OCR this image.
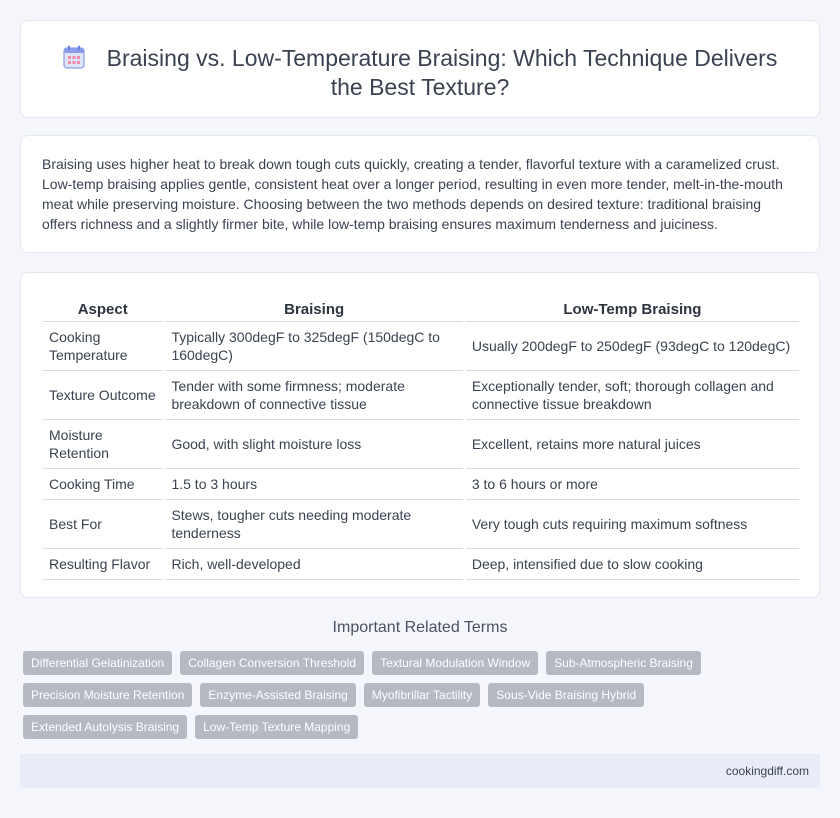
Braising vs. Low-Temperature Braising: Which Technique Delivers the Best Texture?

Braising uses higher heat to break down tough cuts quickly, creating a tender, flavorful texture with a caramelized crust. Low-temp braising applies gentle, consistent heat over a longer period, resulting in even more tender, melt-in-the-mouth meat while preserving moisture. Choosing between the two methods depends on desired texture: traditional braising offers richness and a slightly firmer bite, while low-temp braising ensures maximum tenderness and juiciness.

Aspect	Braising	Low-Temp Braising
Cooking Temperature	Typically 300degF to 325degF (150degC to 160degC)	Usually 200degF to 250degF (93degC to 120degC)
Texture Outcome	Tender with some firmness; moderate breakdown of connective tissue	Exceptionally tender, soft; thorough collagen and connective tissue breakdown
Moisture Retention	Good, with slight moisture loss	Excellent, retains more natural juices
Cooking Time	1.5 to 3 hours	3 to 6 hours or more
Best For	Stews, tougher cuts needing moderate tenderness	Very tough cuts requiring maximum softness
Resulting Flavor	Rich, well-developed	Deep, intensified due to slow cooking
Important Related Terms
Differential Gelatinization	Collagen Conversion Threshold	Textural Modulation Window	Sub-Atmospheric Braising
Precision Moisture Retention	Enzyme-Assisted Braising	Myofibrillar Tactility	Sous-Vide Braising Hybrid
Extended Autolysis Braising	Low-Temp Texture Mapping
cookingdiff.com
